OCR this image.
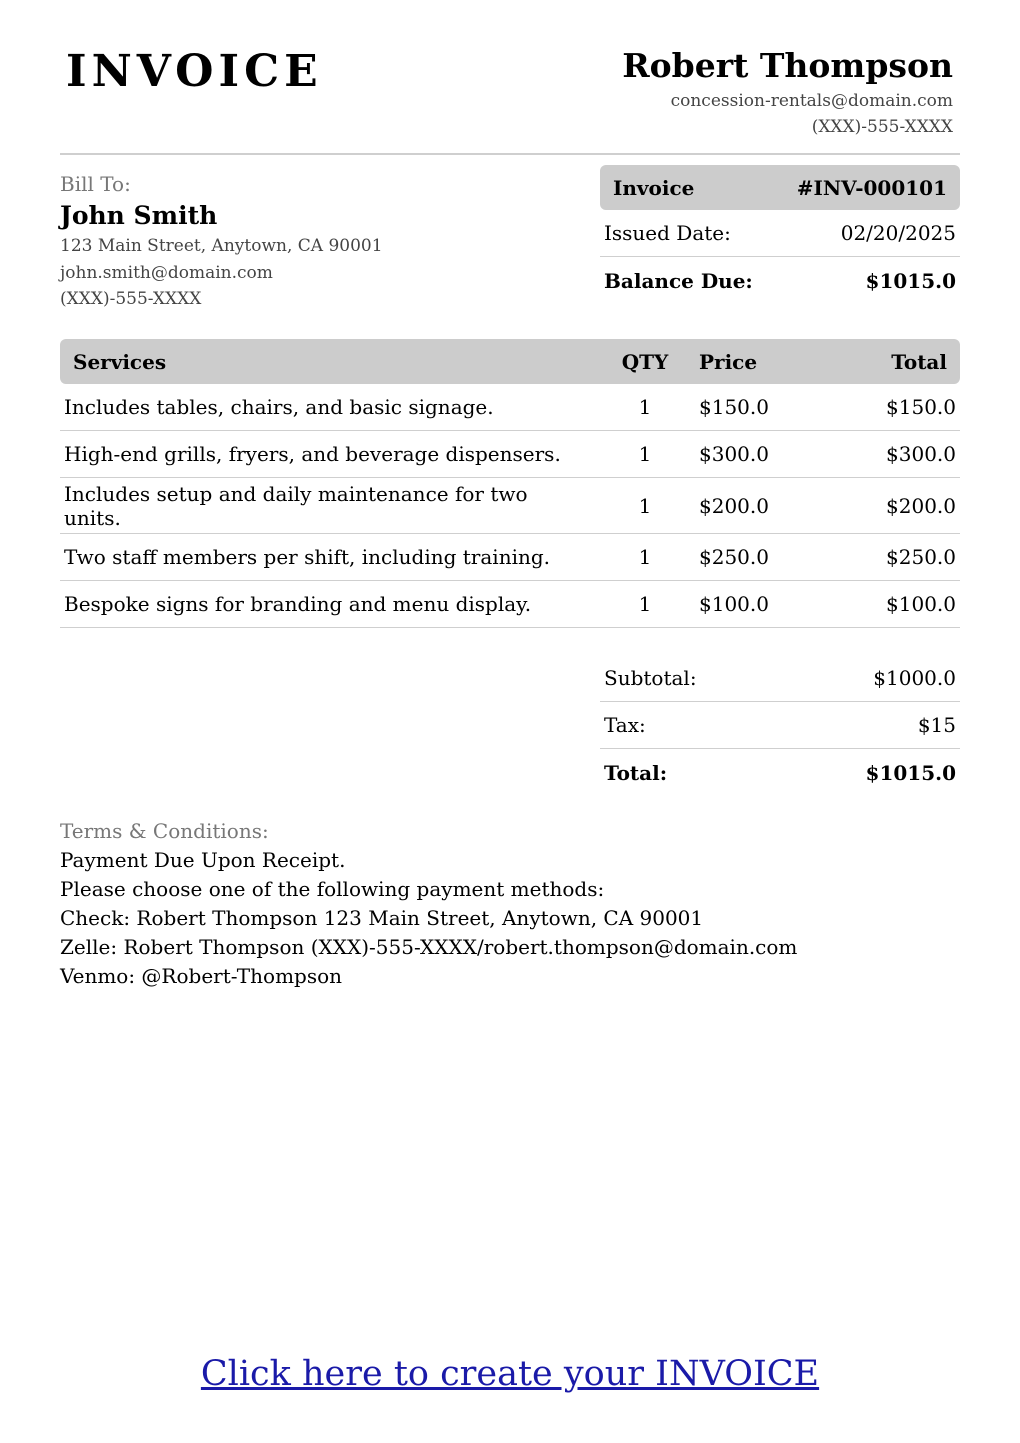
INVOICE	Robert Thompson
concession-rentals@domain.com
(XXX)-555-XXXX
Bill To:
John Smith
123 Main Street, Anytown, CA 90001
john.smith@domain.com
(XXX)-555-XXXX
Invoice	#INV-000101
Issued Date:	02/20/2025
Balance Due:	$1015.0
Services	QTY	Price	Total
Includes tables, chairs, and basic signage.	1	$150.0	$150.0
High-end grills, fryers, and beverage dispensers.	1	$300.0	$300.0
Includes setup and daily maintenance for two units.	1	$200.0	$200.0
Two staff members per shift, including training.	1	$250.0	$250.0
Bespoke signs for branding and menu display.	1	$100.0	$100.0
Subtotal:	$1000.0
Tax:	$15
Total:	$1015.0
Terms & Conditions:
Payment Due Upon Receipt.
Please choose one of the following payment methods:
Check: Robert Thompson 123 Main Street, Anytown, CA 90001
Zelle: Robert Thompson (XXX)-555-XXXX/robert.thompson@domain.com
Venmo: @Robert-Thompson
Click here to create your INVOICE
